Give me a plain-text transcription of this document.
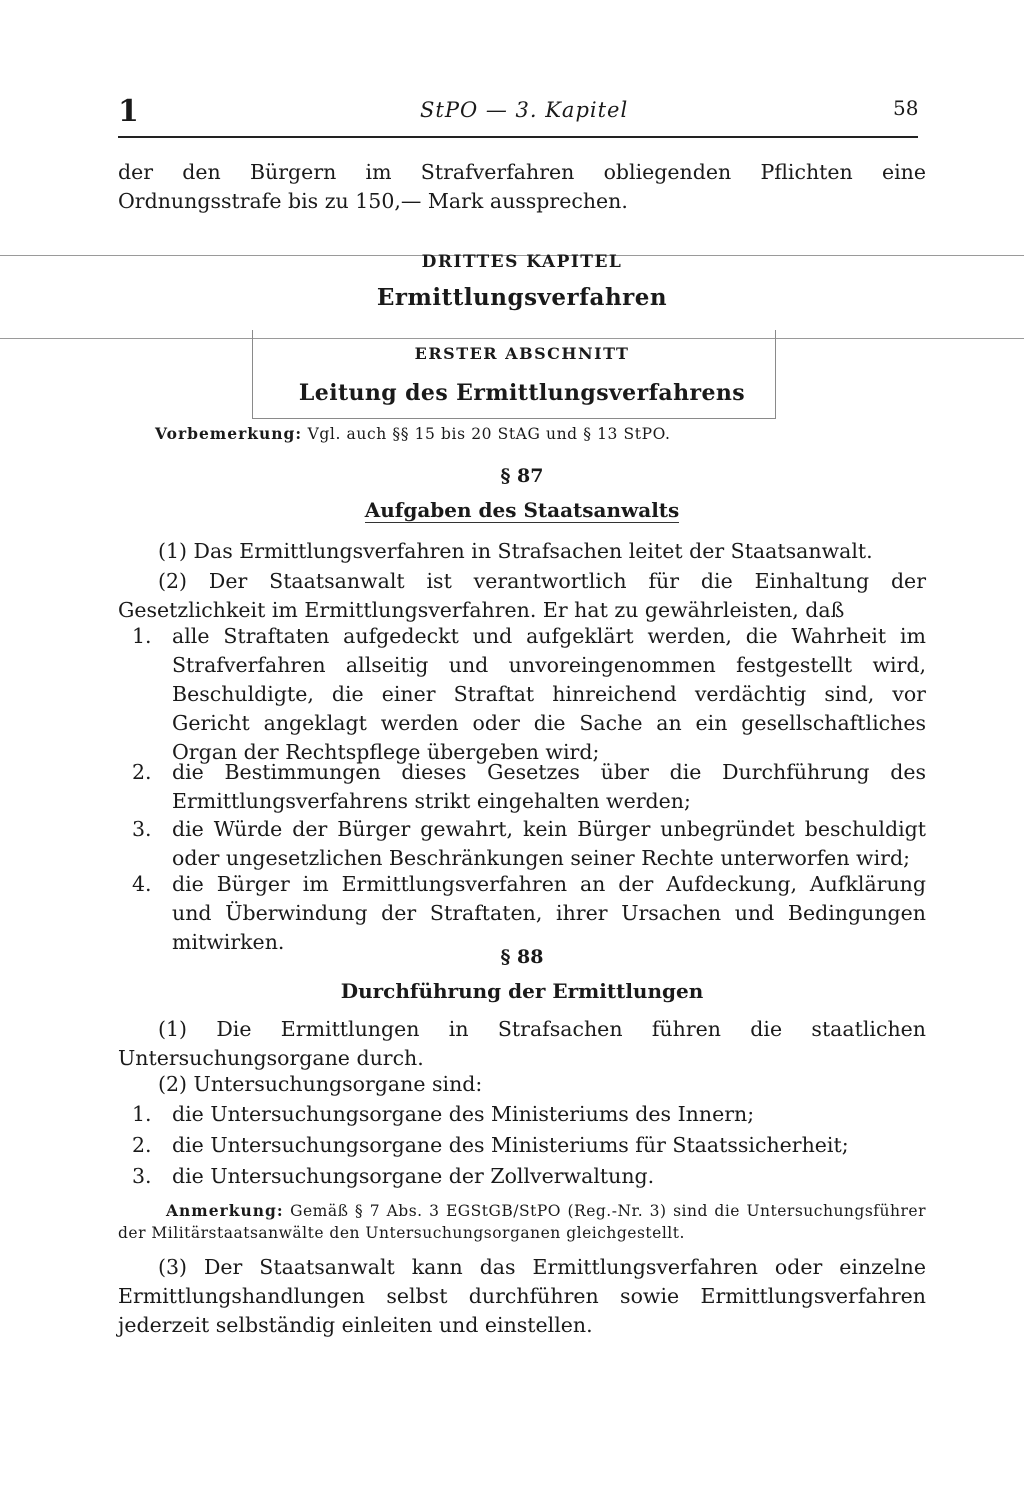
1	StPO — 3. Kapitel	58
der den Bürgern im Strafverfahren obliegenden Pflichten eine Ordnungsstrafe bis zu 150,— Mark aussprechen.
DRITTES KAPITEL
Ermittlungsverfahren
ERSTER ABSCHNITT
Leitung des Ermittlungsverfahrens
Vorbemerkung: Vgl. auch §§ 15 bis 20 StAG und § 13 StPO.
§ 87
Aufgaben des Staatsanwalts
(1) Das Ermittlungsverfahren in Strafsachen leitet der Staatsanwalt.
(2) Der Staatsanwalt ist verantwortlich für die Einhaltung der Gesetzlichkeit im Ermittlungsverfahren. Er hat zu gewährleisten, daß
1. alle Straftaten aufgedeckt und aufgeklärt werden, die Wahrheit im Strafverfahren allseitig und unvoreingenommen festgestellt wird, Beschuldigte, die einer Straftat hinreichend verdächtig sind, vor Gericht angeklagt werden oder die Sache an ein gesellschaftliches Organ der Rechtspflege übergeben wird;
2. die Bestimmungen dieses Gesetzes über die Durchführung des Ermittlungsverfahrens strikt eingehalten werden;
3. die Würde der Bürger gewahrt, kein Bürger unbegründet beschuldigt oder ungesetzlichen Beschränkungen seiner Rechte unterworfen wird;
4. die Bürger im Ermittlungsverfahren an der Aufdeckung, Aufklärung und Überwindung der Straftaten, ihrer Ursachen und Bedingungen mitwirken.
§ 88
Durchführung der Ermittlungen
(1) Die Ermittlungen in Strafsachen führen die staatlichen Untersuchungsorgane durch.
(2) Untersuchungsorgane sind:
1. die Untersuchungsorgane des Ministeriums des Innern;
2. die Untersuchungsorgane des Ministeriums für Staatssicherheit;
3. die Untersuchungsorgane der Zollverwaltung.
Anmerkung: Gemäß § 7 Abs. 3 EGStGB/StPO (Reg.-Nr. 3) sind die Untersuchungsführer der Militärstaatsanwälte den Untersuchungsorganen gleichgestellt.
(3) Der Staatsanwalt kann das Ermittlungsverfahren oder einzelne Ermittlungshandlungen selbst durchführen sowie Ermittlungsverfahren jederzeit selbständig einleiten und einstellen.
